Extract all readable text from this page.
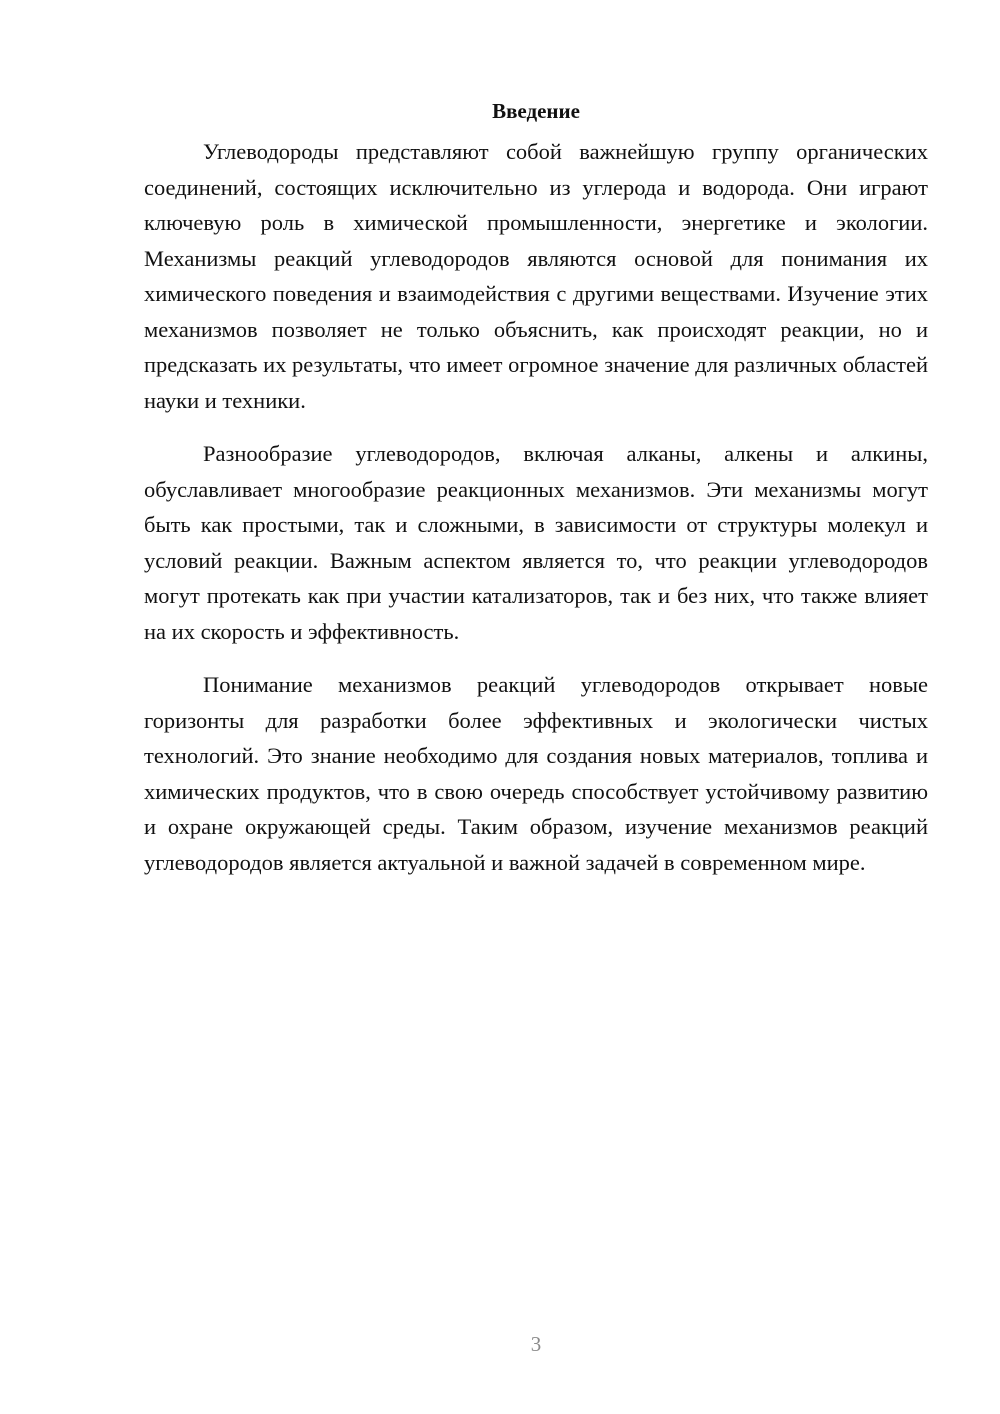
Введение

Углеводороды представляют собой важнейшую группу органических соединений, состоящих исключительно из углерода и водорода. Они играют ключевую роль в химической промышленности, энергетике и экологии. Механизмы реакций углеводородов являются основой для понимания их химического поведения и взаимодействия с другими веществами. Изучение этих механизмов позволяет не только объяснить, как происходят реакции, но и предсказать их результаты, что имеет огромное значение для различных областей науки и техники.

Разнообразие углеводородов, включая алканы, алкены и алкины, обуславливает многообразие реакционных механизмов. Эти механизмы могут быть как простыми, так и сложными, в зависимости от структуры молекул и условий реакции. Важным аспектом является то, что реакции углеводородов могут протекать как при участии катализаторов, так и без них, что также влияет на их скорость и эффективность.

Понимание механизмов реакций углеводородов открывает новые горизонты для разработки более эффективных и экологически чистых технологий. Это знание необходимо для создания новых материалов, топлива и химических продуктов, что в свою очередь способствует устойчивому развитию и охране окружающей среды. Таким образом, изучение механизмов реакций углеводородов является актуальной и важной задачей в современном мире.

3
